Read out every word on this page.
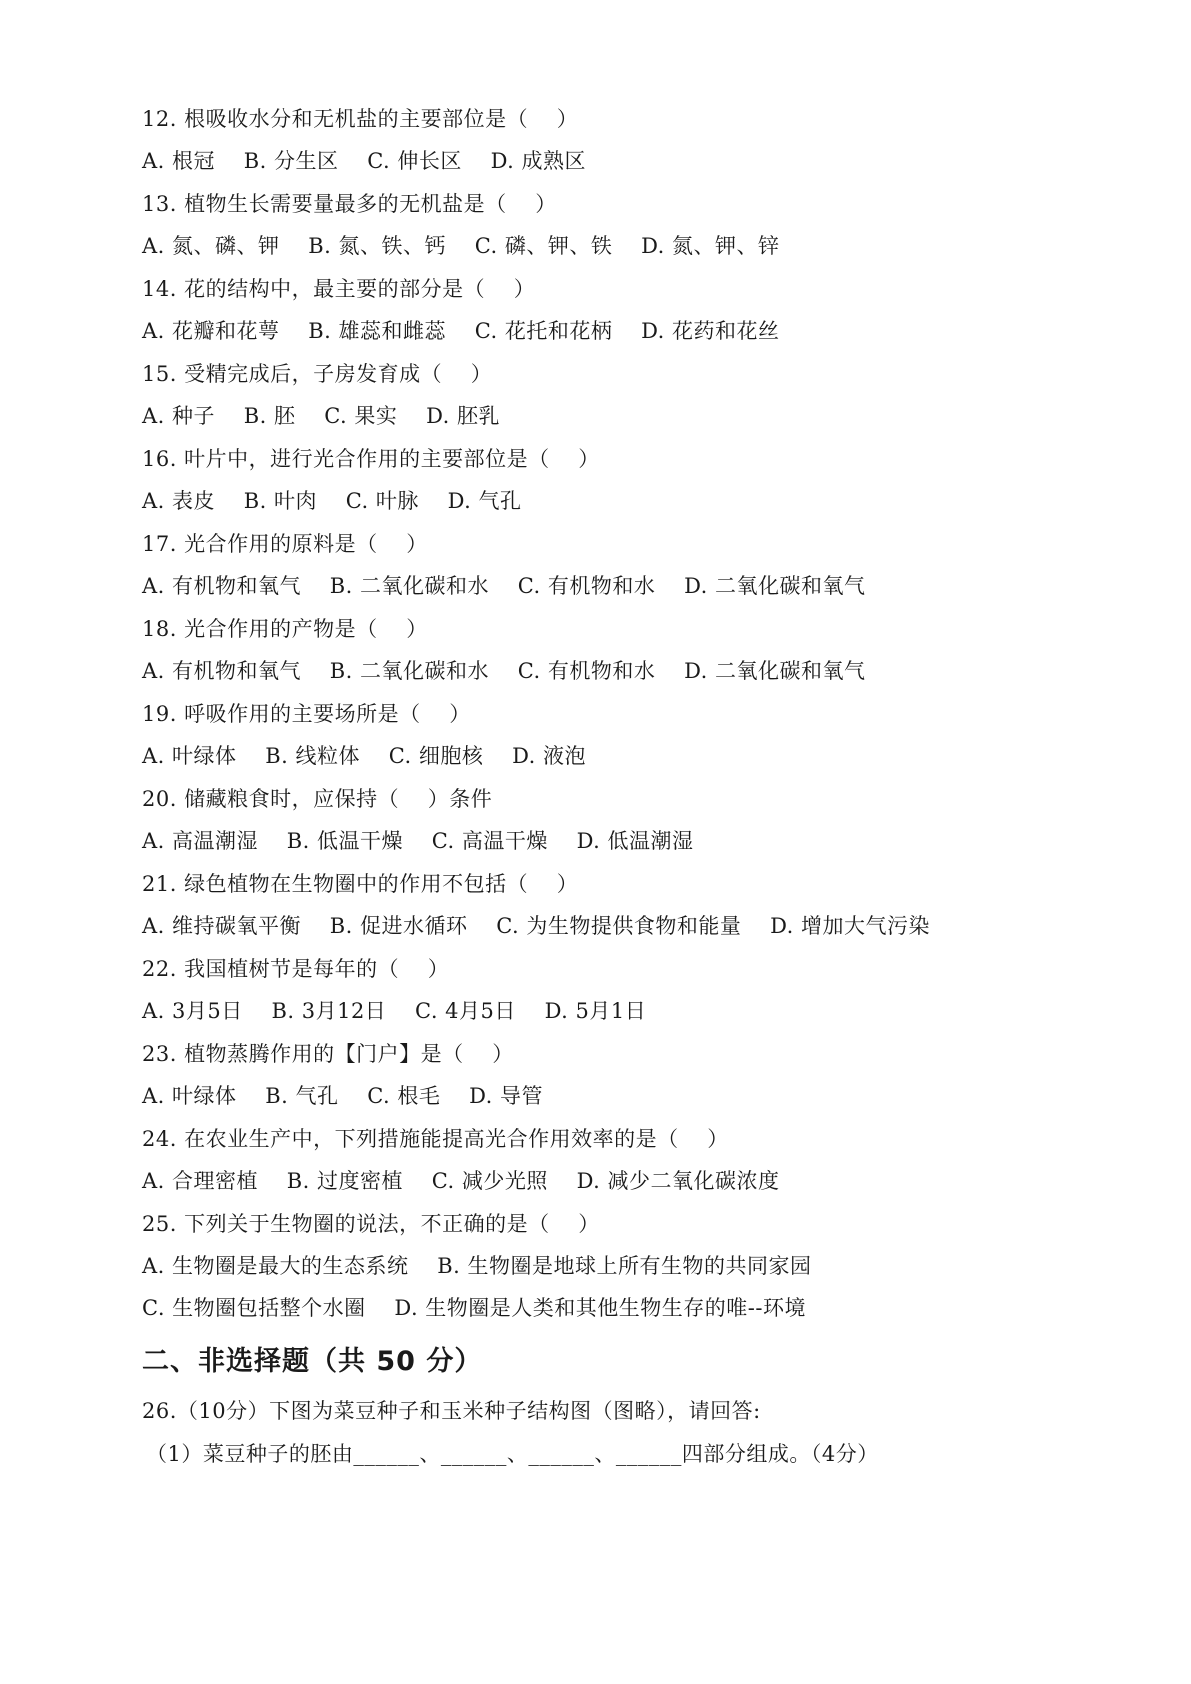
12. 根吸收水分和无机盐的主要部位是（    ）
A. 根冠    B. 分生区    C. 伸长区    D. 成熟区
13. 植物生长需要量最多的无机盐是（    ）
A. 氮、磷、钾    B. 氮、铁、钙    C. 磷、钾、铁    D. 氮、钾、锌
14. 花的结构中，最主要的部分是（    ）
A. 花瓣和花萼    B. 雄蕊和雌蕊    C. 花托和花柄    D. 花药和花丝
15. 受精完成后，子房发育成（    ）
A. 种子    B. 胚    C. 果实    D. 胚乳
16. 叶片中，进行光合作用的主要部位是（    ）
A. 表皮    B. 叶肉    C. 叶脉    D. 气孔
17. 光合作用的原料是（    ）
A. 有机物和氧气    B. 二氧化碳和水    C. 有机物和水    D. 二氧化碳和氧气
18. 光合作用的产物是（    ）
A. 有机物和氧气    B. 二氧化碳和水    C. 有机物和水    D. 二氧化碳和氧气
19. 呼吸作用的主要场所是（    ）
A. 叶绿体    B. 线粒体    C. 细胞核    D. 液泡
20. 储藏粮食时，应保持（    ）条件
A. 高温潮湿    B. 低温干燥    C. 高温干燥    D. 低温潮湿
21. 绿色植物在生物圈中的作用不包括（    ）
A. 维持碳氧平衡    B. 促进水循环    C. 为生物提供食物和能量    D. 增加大气污染
22. 我国植树节是每年的（    ）
A. 3月5日    B. 3月12日    C. 4月5日    D. 5月1日
23. 植物蒸腾作用的【门户】是（    ）
A. 叶绿体    B. 气孔    C. 根毛    D. 导管
24. 在农业生产中，下列措施能提高光合作用效率的是（    ）
A. 合理密植    B. 过度密植    C. 减少光照    D. 减少二氧化碳浓度
25. 下列关于生物圈的说法，不正确的是（    ）
A. 生物圈是最大的生态系统    B. 生物圈是地球上所有生物的共同家园
C. 生物圈包括整个水圈    D. 生物圈是人类和其他生物生存的唯--环境
二、非选择题（共 50 分）
26.（10分）下图为菜豆种子和玉米种子结构图（图略），请回答:
（1）菜豆种子的胚由______、______、______、______四部分组成。（4分）
